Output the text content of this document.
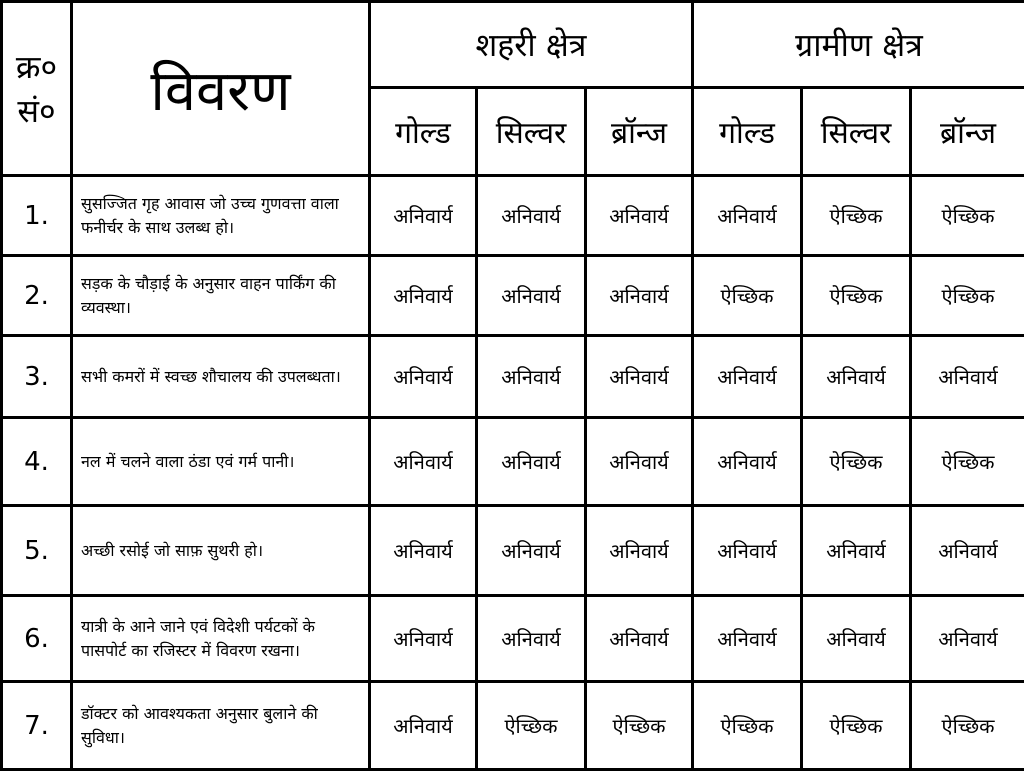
क्र० सं०	विवरण	शहरी क्षेत्र			ग्रामीण क्षेत्र		
		गोल्ड	सिल्वर	ब्रॉन्ज	गोल्ड	सिल्वर	ब्रॉन्ज
1.	सुसज्जित गृह आवास जो उच्च गुणवत्ता वाला फनीर्चर के साथ उलब्ध हो।	अनिवार्य	अनिवार्य	अनिवार्य	अनिवार्य	ऐच्छिक	ऐच्छिक
2.	सड़क के चौड़ाई के अनुसार वाहन पार्किंग की व्यवस्था।	अनिवार्य	अनिवार्य	अनिवार्य	ऐच्छिक	ऐच्छिक	ऐच्छिक
3.	सभी कमरों में स्वच्छ शौचालय की उपलब्धता।	अनिवार्य	अनिवार्य	अनिवार्य	अनिवार्य	अनिवार्य	अनिवार्य
4.	नल में चलने वाला ठंडा एवं गर्म पानी।	अनिवार्य	अनिवार्य	अनिवार्य	अनिवार्य	ऐच्छिक	ऐच्छिक
5.	अच्छी रसोई जो साफ़ सुथरी हो।	अनिवार्य	अनिवार्य	अनिवार्य	अनिवार्य	अनिवार्य	अनिवार्य
6.	यात्री के आने जाने एवं विदेशी पर्यटकों के पासपोर्ट का रजिस्टर में विवरण रखना।	अनिवार्य	अनिवार्य	अनिवार्य	अनिवार्य	अनिवार्य	अनिवार्य
7.	डॉक्टर को आवश्यकता अनुसार बुलाने की सुविधा।	अनिवार्य	ऐच्छिक	ऐच्छिक	ऐच्छिक	ऐच्छिक	ऐच्छिक
